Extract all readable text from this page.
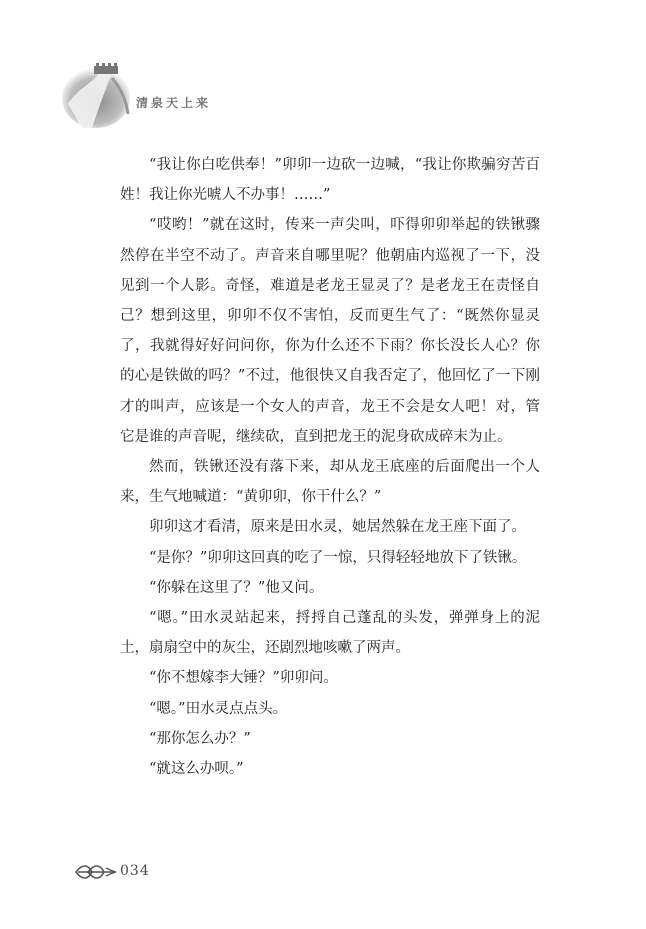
清泉天上来

“我让你白吃供奉！”卯卯一边砍一边喊，“我让你欺骗穷苦百姓！我让你光唬人不办事！……”

“哎哟！”就在这时，传来一声尖叫，吓得卯卯举起的铁锹骤然停在半空不动了。声音来自哪里呢？他朝庙内巡视了一下，没见到一个人影。奇怪，难道是老龙王显灵了？是老龙王在责怪自己？想到这里，卯卯不仅不害怕，反而更生气了：“既然你显灵了，我就得好好问问你，你为什么还不下雨？你长没长人心？你的心是铁做的吗？”不过，他很快又自我否定了，他回忆了一下刚才的叫声，应该是一个女人的声音，龙王不会是女人吧！对，管它是谁的声音呢，继续砍，直到把龙王的泥身砍成碎末为止。

然而，铁锹还没有落下来，却从龙王底座的后面爬出一个人来，生气地喊道：“黄卯卯，你干什么？”

卯卯这才看清，原来是田水灵，她居然躲在龙王座下面了。

“是你？”卯卯这回真的吃了一惊，只得轻轻地放下了铁锹。

“你躲在这里了？”他又问。

“嗯。”田水灵站起来，捋捋自己蓬乱的头发，弹弹身上的泥土，扇扇空中的灰尘，还剧烈地咳嗽了两声。

“你不想嫁李大锤？”卯卯问。

“嗯。”田水灵点点头。

“那你怎么办？”

“就这么办呗。”

034
